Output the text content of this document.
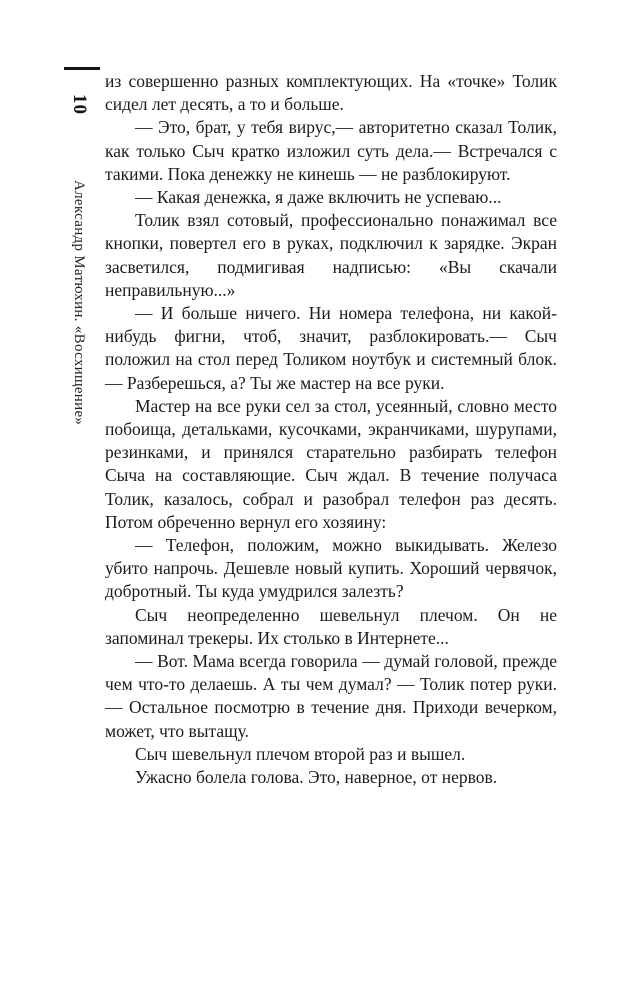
10
Александр Матюхин. «Восхищение»

из совершенно разных комплектующих. На «точке» Толик сидел лет десять, а то и больше.

— Это, брат, у тебя вирус,— авторитетно сказал Толик, как только Сыч кратко изложил суть дела.— Встречался с такими. Пока денежку не кинешь — не разблокируют.

— Какая денежка, я даже включить не успеваю...

Толик взял сотовый, профессионально понажимал все кнопки, повертел его в руках, подключил к зарядке. Экран засветился, подмигивая надписью: «Вы скачали неправильную...»

— И больше ничего. Ни номера телефона, ни какой-нибудь фигни, чтоб, значит, разблокировать.— Сыч положил на стол перед Толиком ноутбук и системный блок.— Разберешься, а? Ты же мастер на все руки.

Мастер на все руки сел за стол, усеянный, словно место побоища, детальками, кусочками, экранчиками, шурупами, резинками, и принялся старательно разбирать телефон Сыча на составляющие. Сыч ждал. В течение получаса Толик, казалось, собрал и разобрал телефон раз десять. Потом обреченно вернул его хозяину:

— Телефон, положим, можно выкидывать. Железо убито напрочь. Дешевле новый купить. Хороший червячок, добротный. Ты куда умудрился залезть?

Сыч неопределенно шевельнул плечом. Он не запоминал трекеры. Их столько в Интернете...

— Вот. Мама всегда говорила — думай головой, прежде чем что-то делаешь. А ты чем думал? — Толик потер руки.— Остальное посмотрю в течение дня. Приходи вечерком, может, что вытащу.

Сыч шевельнул плечом второй раз и вышел.

Ужасно болела голова. Это, наверное, от нервов.
